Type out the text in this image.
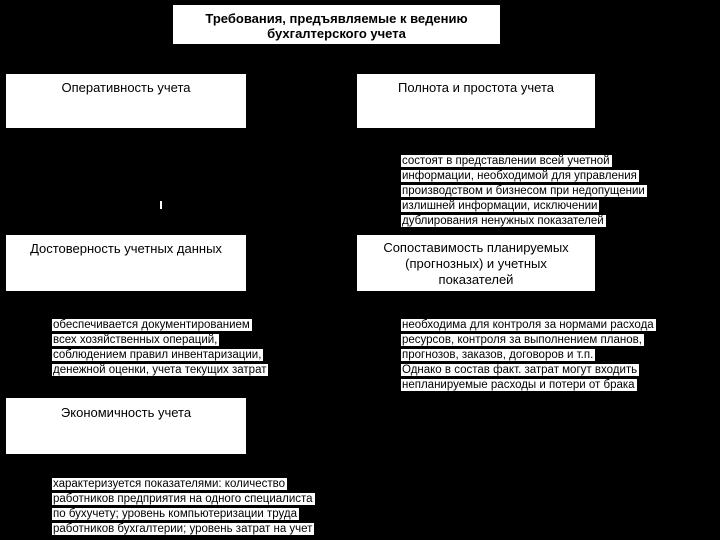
Требования, предъявляемые к ведению
бухгалтерского учета
Оперативность учета	Полнота и простота учета
состоят в представлении всей учетной
информации, необходимой для управления
производством и бизнесом при недопущении
излишней информации, исключении
дублирования ненужных показателей
Достоверность учетных данных	Сопоставимость планируемых
(прогнозных) и учетных
показателей
обеспечивается документированием
всех хозяйственных операций,
соблюдением правил инвентаризации,
денежной оценки, учета текущих затрат
необходима для контроля за нормами расхода
ресурсов, контроля за выполнением планов,
прогнозов, заказов, договоров и т.п.
Однако в состав факт. затрат могут входить
непланируемые расходы и потери от брака
Экономичность учета
характеризуется показателями: количество
работников предприятия на одного специалиста
по бухучету; уровень компьютеризации труда
работников бухгалтерии; уровень затрат на учет
